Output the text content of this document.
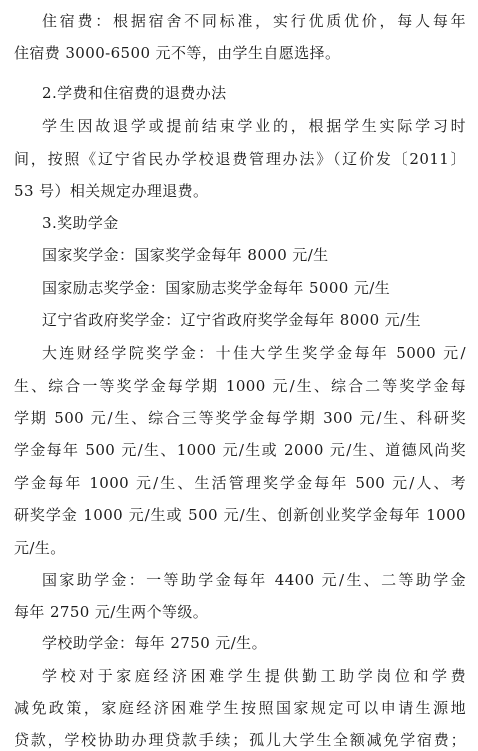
住宿费：根据宿舍不同标准，实行优质优价，每人每年
住宿费 3000-6500 元不等，由学生自愿选择。
2.学费和住宿费的退费办法
学生因故退学或提前结束学业的，根据学生实际学习时
间，按照《辽宁省民办学校退费管理办法》（辽价发〔2011〕
53 号）相关规定办理退费。
3.奖助学金
国家奖学金：国家奖学金每年 8000 元/生
国家励志奖学金：国家励志奖学金每年 5000 元/生
辽宁省政府奖学金：辽宁省政府奖学金每年 8000 元/生
大连财经学院奖学金：十佳大学生奖学金每年 5000 元/
生、综合一等奖学金每学期 1000 元/生、综合二等奖学金每
学期 500 元/生、综合三等奖学金每学期 300 元/生、科研奖
学金每年 500 元/生、1000 元/生或 2000 元/生、道德风尚奖
学金每年 1000 元/生、生活管理奖学金每年 500 元/人、考
研奖学金 1000 元/生或 500 元/生、创新创业奖学金每年 1000
元/生。
国家助学金：一等助学金每年 4400 元/生、二等助学金
每年 2750 元/生两个等级。
学校助学金：每年 2750 元/生。
学校对于家庭经济困难学生提供勤工助学岗位和学费
减免政策，家庭经济困难学生按照国家规定可以申请生源地
贷款，学校协助办理贷款手续；孤儿大学生全额减免学宿费；
